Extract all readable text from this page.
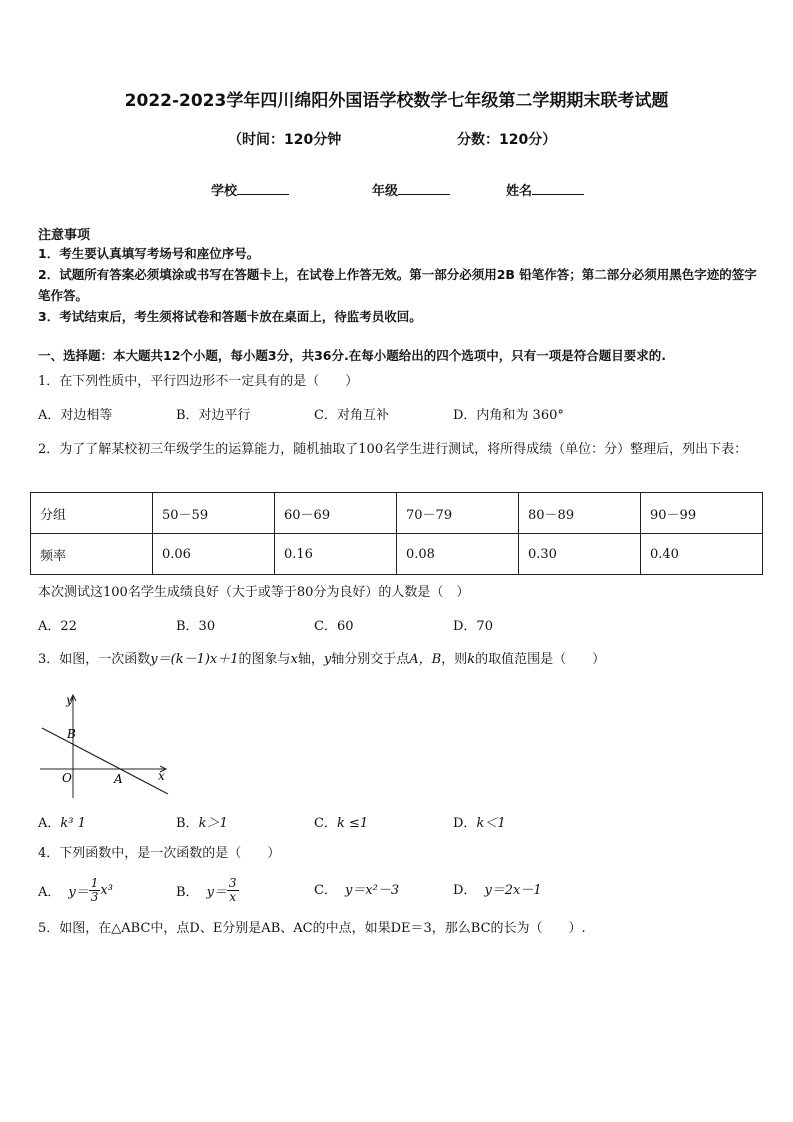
2022-2023学年四川绵阳外国语学校数学七年级第二学期期末联考试题
（时间：120分钟	分数：120分）
学校	年级	姓名
注意事项
1．考生要认真填写考场号和座位序号。
2．试题所有答案必须填涂或书写在答题卡上，在试卷上作答无效。第一部分必须用2B 铅笔作答；第二部分必须用黑色字迹的签字笔作答。
3．考试结束后，考生须将试卷和答题卡放在桌面上，待监考员收回。
一、选择题：本大题共12个小题，每小题3分，共36分.在每小题给出的四个选项中，只有一项是符合题目要求的.
1．在下列性质中，平行四边形不一定具有的是（　　）
A．对边相等	B．对边平行	C．对角互补	D．内角和为 360°
2．为了了解某校初三年级学生的运算能力，随机抽取了100名学生进行测试，将所得成绩（单位：分）整理后，列出下表：
分组	50－59	60－69	70－79	80－89	90－99
频率	0.06	0.16	0.08	0.30	0.40
本次测试这100名学生成绩良好（大于或等于80分为良好）的人数是（　）
A．22	B．30	C．60	D．70
3．如图，一次函数y＝(k－1)x＋1的图象与x轴，y轴分别交于点A，B，则k的取值范围是（　　）
y
x
O
B
A
A．k³ 1	B．k＞1	C．k ≤1	D．k＜1
4．下列函数中，是一次函数的是（　　）
A． $y= \frac{1}{3} x^3$	B． $y= \frac{3}{x}$	C． y＝x²－3	D． y＝2x－1
5．如图，在△ABC中，点D、E分别是AB、AC的中点，如果DE＝3，那么BC的长为（　　）.
